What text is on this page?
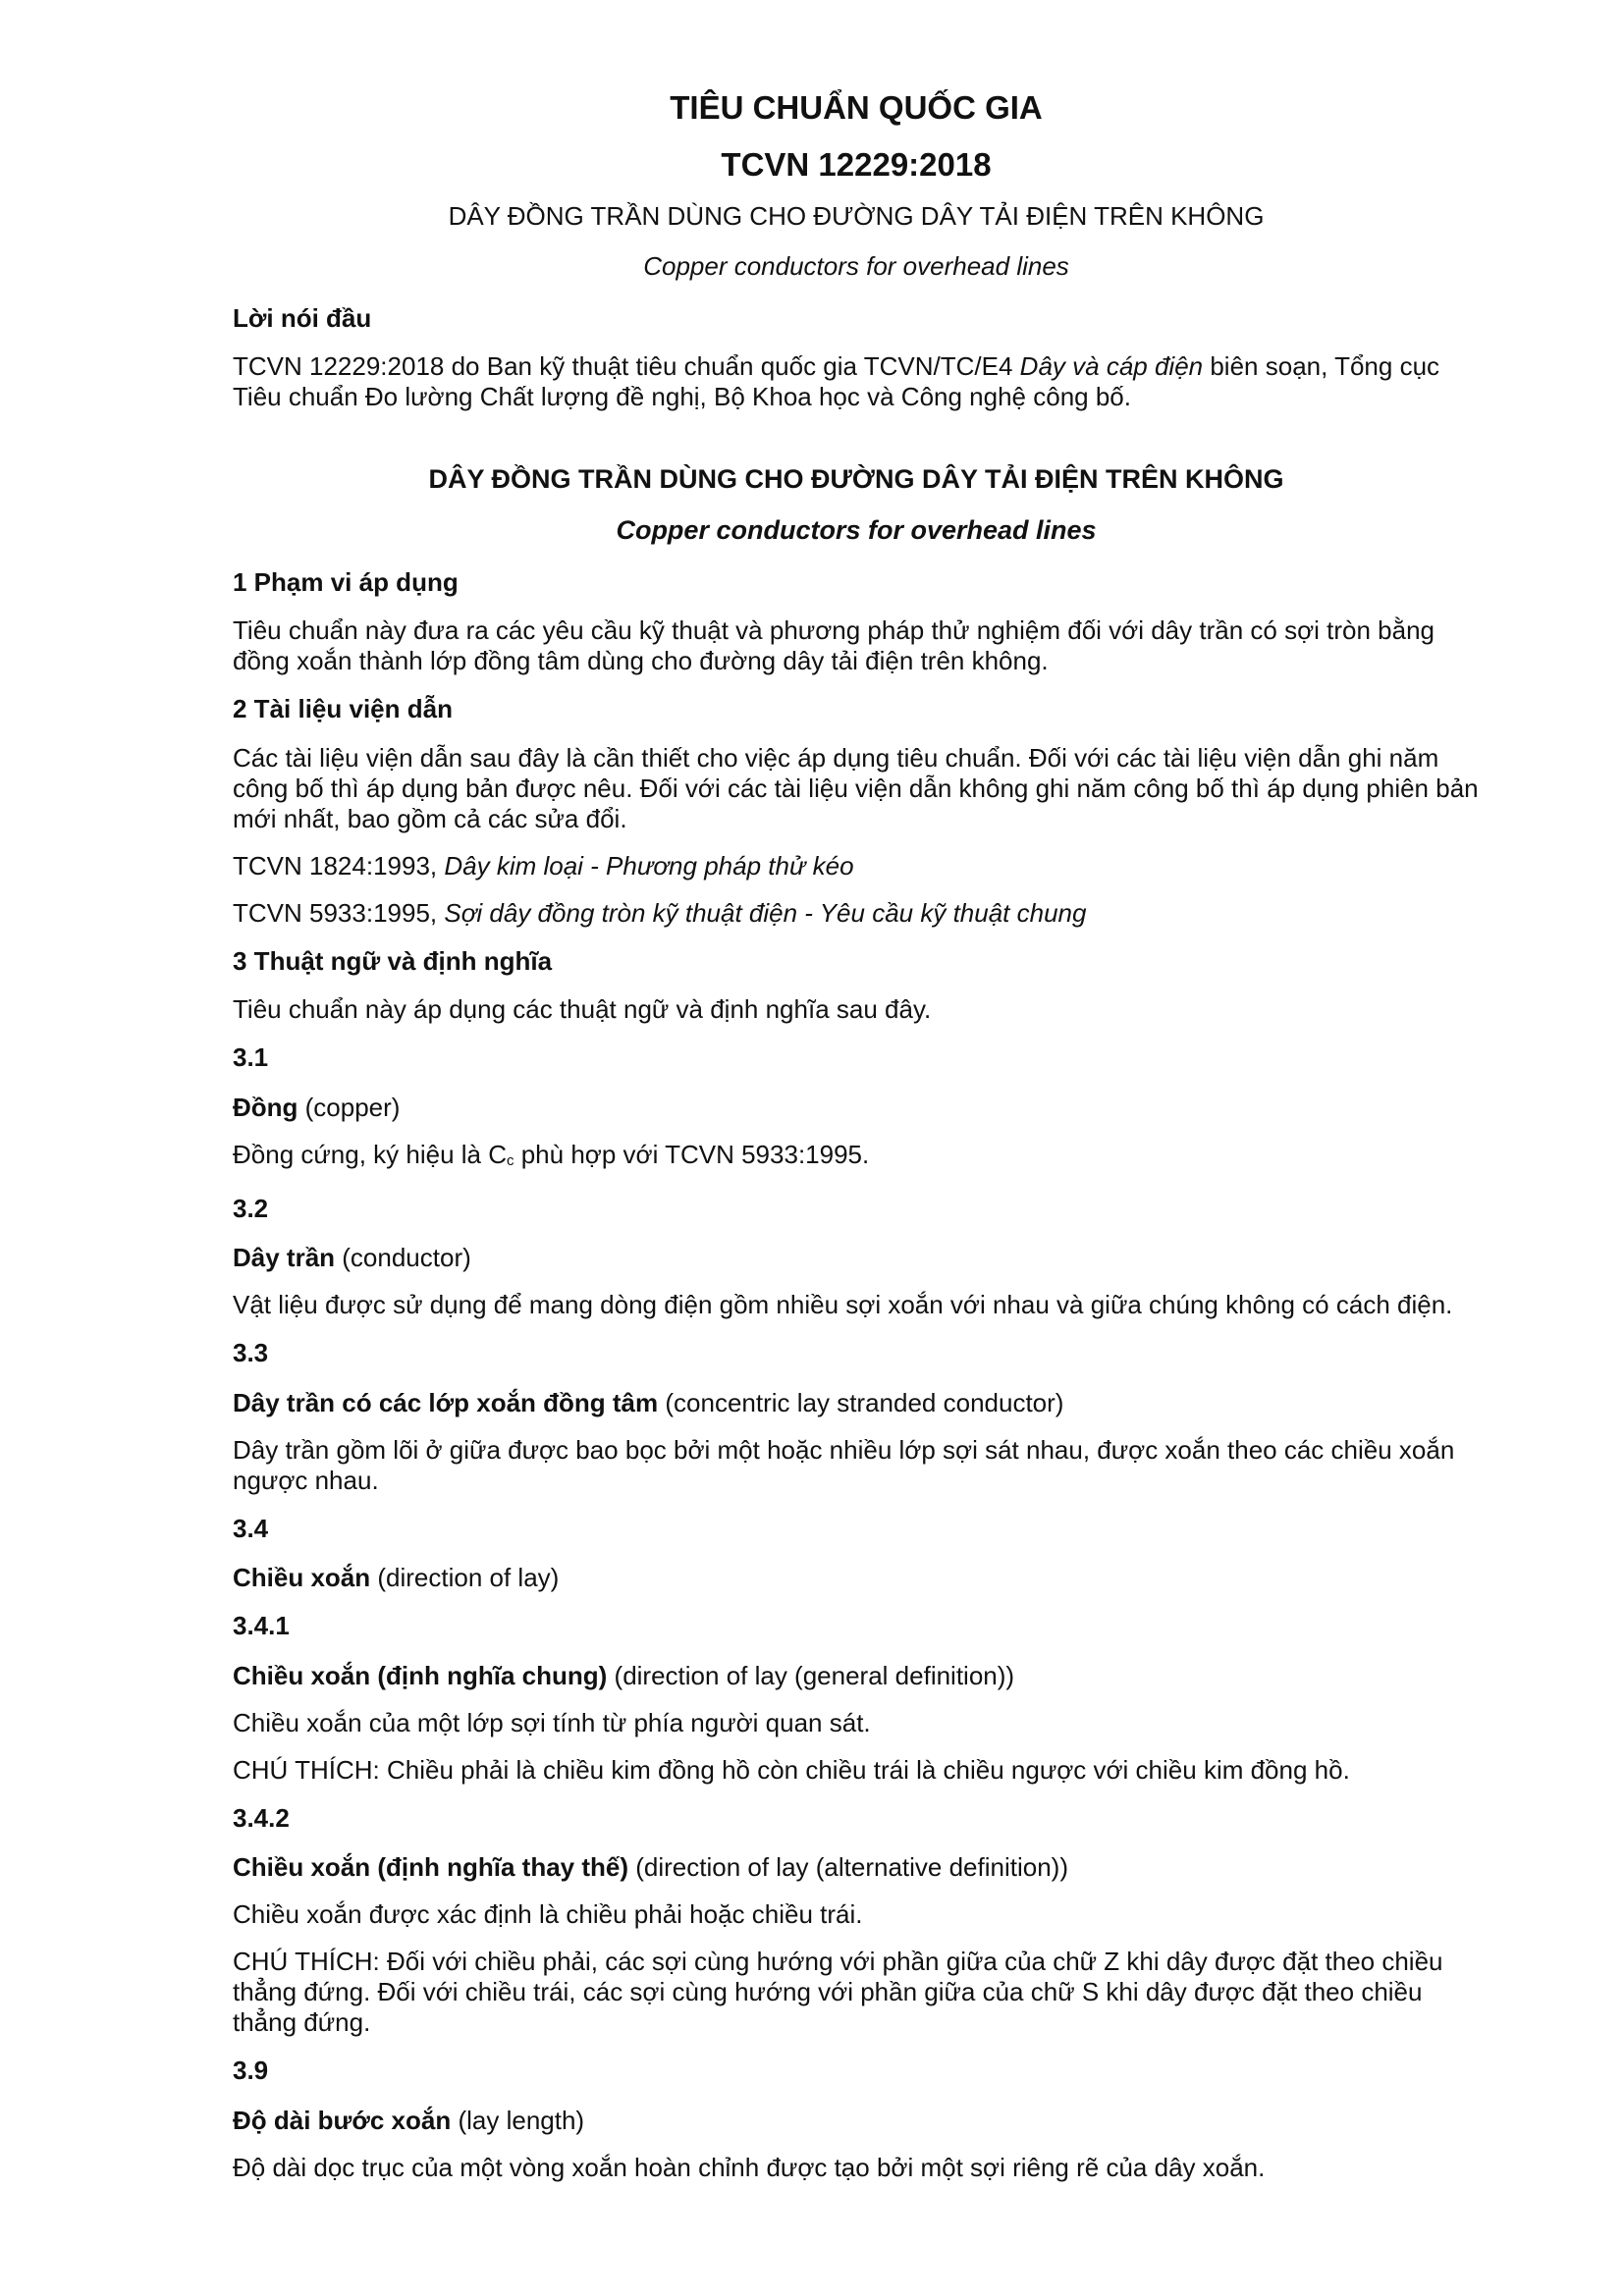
TIÊU CHUẨN QUỐC GIA
TCVN 12229:2018
DÂY ĐỒNG TRẦN DÙNG CHO ĐƯỜNG DÂY TẢI ĐIỆN TRÊN KHÔNG
Copper conductors for overhead lines
Lời nói đầu

TCVN 12229:2018 do Ban kỹ thuật tiêu chuẩn quốc gia TCVN/TC/E4 Dây và cáp điện biên soạn, Tổng cục Tiêu chuẩn Đo lường Chất lượng đề nghị, Bộ Khoa học và Công nghệ công bố.

DÂY ĐỒNG TRẦN DÙNG CHO ĐƯỜNG DÂY TẢI ĐIỆN TRÊN KHÔNG
Copper conductors for overhead lines
1 Phạm vi áp dụng

Tiêu chuẩn này đưa ra các yêu cầu kỹ thuật và phương pháp thử nghiệm đối với dây trần có sợi tròn bằng đồng xoắn thành lớp đồng tâm dùng cho đường dây tải điện trên không.

2 Tài liệu viện dẫn

Các tài liệu viện dẫn sau đây là cần thiết cho việc áp dụng tiêu chuẩn. Đối với các tài liệu viện dẫn ghi năm công bố thì áp dụng bản được nêu. Đối với các tài liệu viện dẫn không ghi năm công bố thì áp dụng phiên bản mới nhất, bao gồm cả các sửa đổi.

TCVN 1824:1993, Dây kim loại - Phương pháp thử kéo

TCVN 5933:1995, Sợi dây đồng tròn kỹ thuật điện - Yêu cầu kỹ thuật chung

3 Thuật ngữ và định nghĩa

Tiêu chuẩn này áp dụng các thuật ngữ và định nghĩa sau đây.

3.1

Đồng (copper)

Đồng cứng, ký hiệu là $C_c$ phù hợp với TCVN 5933:1995.

3.2

Dây trần (conductor)

Vật liệu được sử dụng để mang dòng điện gồm nhiều sợi xoắn với nhau và giữa chúng không có cách điện.

3.3

Dây trần có các lớp xoắn đồng tâm (concentric lay stranded conductor)

Dây trần gồm lõi ở giữa được bao bọc bởi một hoặc nhiều lớp sợi sát nhau, được xoắn theo các chiều xoắn ngược nhau.

3.4

Chiều xoắn (direction of lay)

3.4.1

Chiều xoắn (định nghĩa chung) (direction of lay (general definition))

Chiều xoắn của một lớp sợi tính từ phía người quan sát.

CHÚ THÍCH: Chiều phải là chiều kim đồng hồ còn chiều trái là chiều ngược với chiều kim đồng hồ.

3.4.2

Chiều xoắn (định nghĩa thay thế) (direction of lay (alternative definition))

Chiều xoắn được xác định là chiều phải hoặc chiều trái.

CHÚ THÍCH: Đối với chiều phải, các sợi cùng hướng với phần giữa của chữ Z khi dây được đặt theo chiều thẳng đứng. Đối với chiều trái, các sợi cùng hướng với phần giữa của chữ S khi dây được đặt theo chiều thẳng đứng.

3.9

Độ dài bước xoắn (lay length)

Độ dài dọc trục của một vòng xoắn hoàn chỉnh được tạo bởi một sợi riêng rẽ của dây xoắn.
